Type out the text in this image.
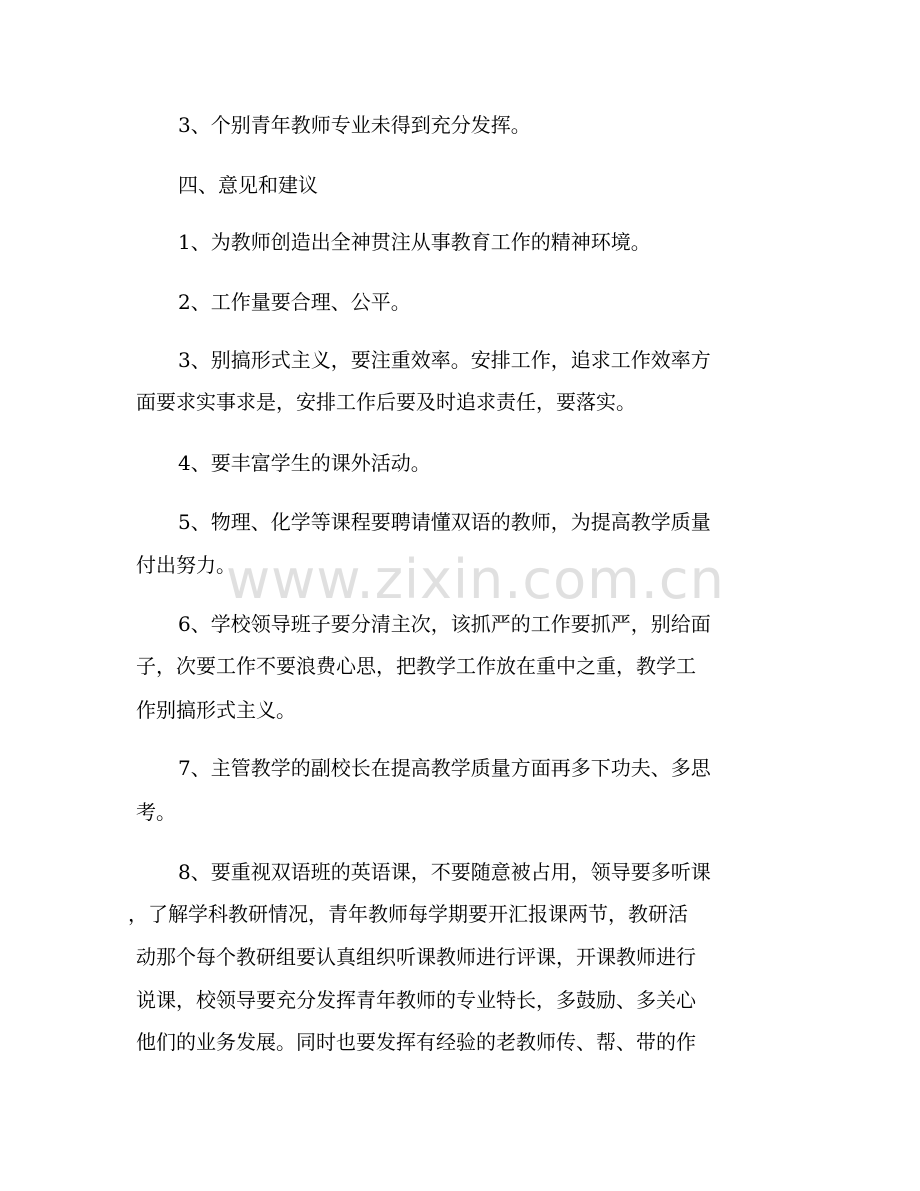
3、个别青年教师专业未得到充分发挥。
四、意见和建议
1、为教师创造出全神贯注从事教育工作的精神环境。
2、工作量要合理、公平。
3、别搞形式主义，要注重效率。安排工作，追求工作效率方
面要求实事求是，安排工作后要及时追求责任，要落实。
4、要丰富学生的课外活动。
5、物理、化学等课程要聘请懂双语的教师，为提高教学质量
付出努力。
6、学校领导班子要分清主次，该抓严的工作要抓严，别给面
子，次要工作不要浪费心思，把教学工作放在重中之重，教学工
作别搞形式主义。
7、主管教学的副校长在提高教学质量方面再多下功夫、多思
考。
8、要重视双语班的英语课，不要随意被占用，领导要多听课
，了解学科教研情况，青年教师每学期要开汇报课两节，教研活
动那个每个教研组要认真组织听课教师进行评课，开课教师进行
说课，校领导要充分发挥青年教师的专业特长，多鼓励、多关心
他们的业务发展。同时也要发挥有经验的老教师传、帮、带的作
www.zixin.com.cn
